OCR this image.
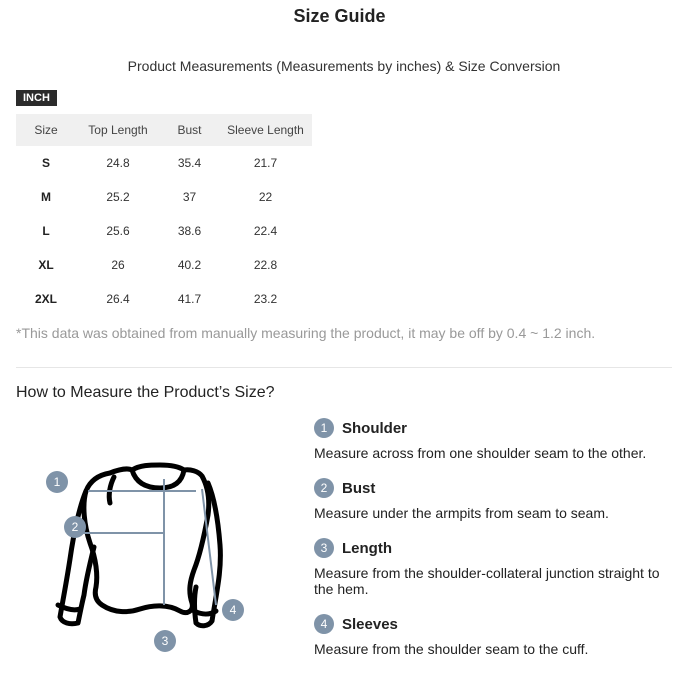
Size Guide
Product Measurements (Measurements by inches) & Size Conversion
INCH
Size	Top Length	Bust	Sleeve Length
S	24.8	35.4	21.7
M	25.2	37	22
L	25.6	38.6	22.4
XL	26	40.2	22.8
2XL	26.4	41.7	23.2
*This data was obtained from manually measuring the product, it may be off by 0.4 ~ 1.2 inch.
How to Measure the Product’s Size?
1
2
3
4
1 Shoulder
Measure across from one shoulder seam to the other.
2 Bust
Measure under the armpits from seam to seam.
3 Length
Measure from the shoulder-collateral junction straight to the hem.
4 Sleeves
Measure from the shoulder seam to the cuff.
